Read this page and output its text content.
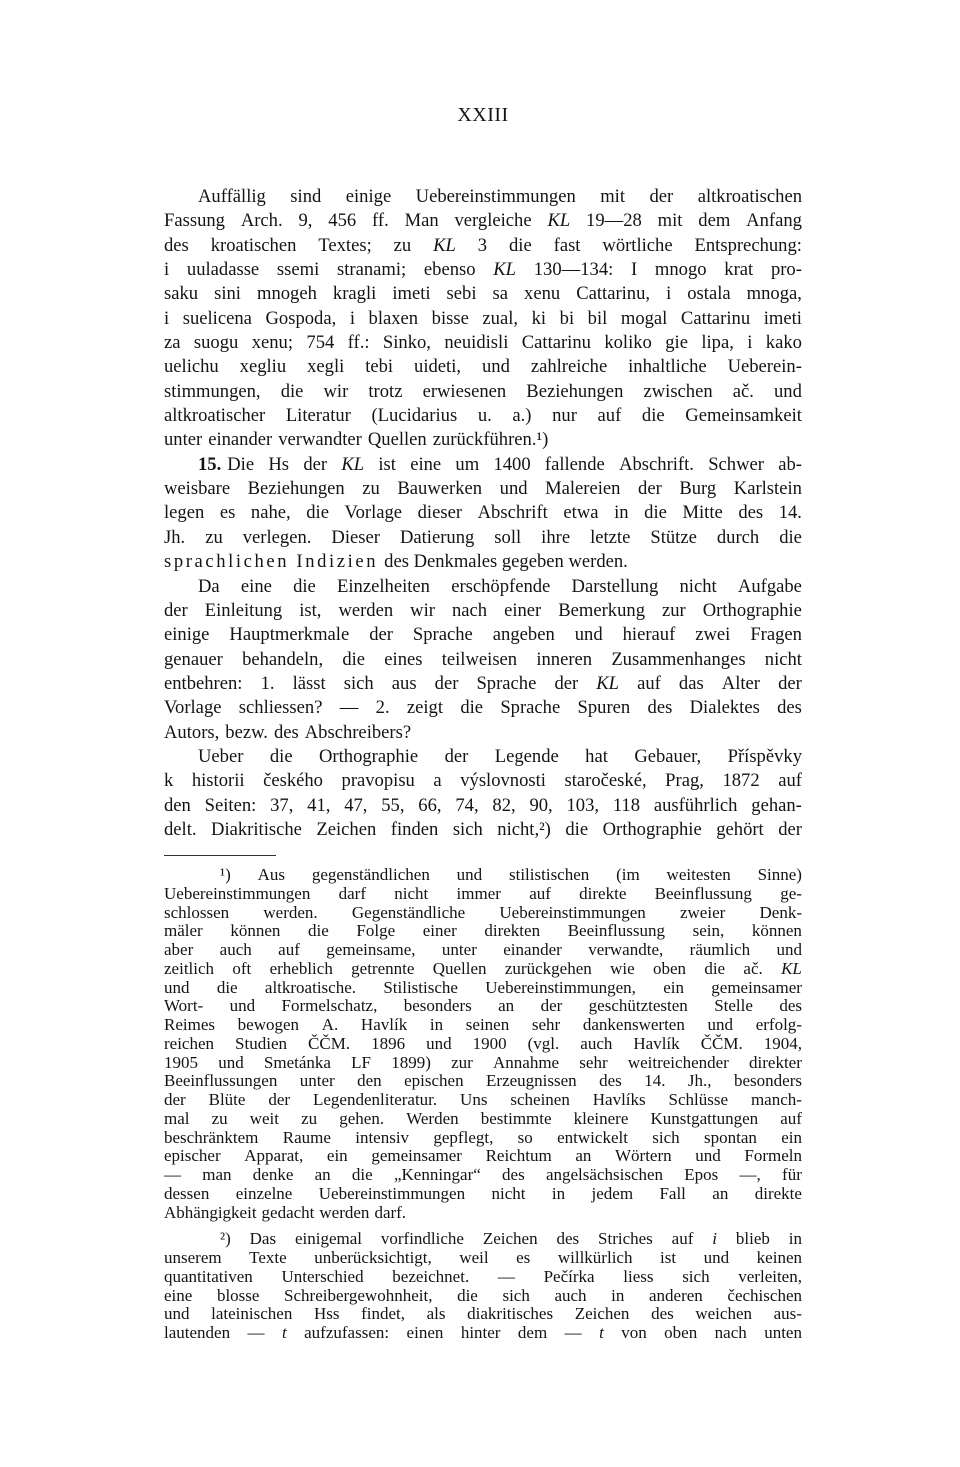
XXIII
Auffällig sind einige Uebereinstimmungen mit der altkroatischen
Fassung Arch. 9, 456 ff. Man vergleiche KL 19—28 mit dem Anfang
des kroatischen Textes; zu KL 3 die fast wörtliche Entsprechung:
i uuladasse ssemi stranami; ebenso KL 130—134: I mnogo krat pro-
saku sini mnogeh kragli imeti sebi sa xenu Cattarinu, i ostala mnoga,
i suelicena Gospoda, i blaxen bisse zual, ki bi bil mogal Cattarinu imeti
za suogu xenu; 754 ff.: Sinko, neuidisli Cattarinu koliko gie lipa, i kako
uelichu xegliu xegli tebi uideti, und zahlreiche inhaltliche Ueberein-
stimmungen, die wir trotz erwiesenen Beziehungen zwischen ač. und
altkroatischer Literatur (Lucidarius u. a.) nur auf die Gemeinsamkeit
unter einander verwandter Quellen zurückführen.¹)
15. Die Hs der KL ist eine um 1400 fallende Abschrift. Schwer ab-
weisbare Beziehungen zu Bauwerken und Malereien der Burg Karlstein
legen es nahe, die Vorlage dieser Abschrift etwa in die Mitte des 14.
Jh. zu verlegen. Dieser Datierung soll ihre letzte Stütze durch die
sprachlichen Indizien des Denkmales gegeben werden.
Da eine die Einzelheiten erschöpfende Darstellung nicht Aufgabe
der Einleitung ist, werden wir nach einer Bemerkung zur Orthographie
einige Hauptmerkmale der Sprache angeben und hierauf zwei Fragen
genauer behandeln, die eines teilweisen inneren Zusammenhanges nicht
entbehren: 1. lässt sich aus der Sprache der KL auf das Alter der
Vorlage schliessen? — 2. zeigt die Sprache Spuren des Dialektes des
Autors, bezw. des Abschreibers?
Ueber die Orthographie der Legende hat Gebauer, Příspěvky
k historii českého pravopisu a výslovnosti staročeské, Prag, 1872 auf
den Seiten: 37, 41, 47, 55, 66, 74, 82, 90, 103, 118 ausführlich gehan-
delt. Diakritische Zeichen finden sich nicht,²) die Orthographie gehört der
¹) Aus gegenständlichen und stilistischen (im weitesten Sinne)
Uebereinstimmungen darf nicht immer auf direkte Beeinflussung ge-
schlossen werden. Gegenständliche Uebereinstimmungen zweier Denk-
mäler können die Folge einer direkten Beeinflussung sein, können
aber auch auf gemeinsame, unter einander verwandte, räumlich und
zeitlich oft erheblich getrennte Quellen zurückgehen wie oben die ač. KL
und die altkroatische. Stilistische Uebereinstimmungen, ein gemeinsamer
Wort- und Formelschatz, besonders an der geschütztesten Stelle des
Reimes bewogen A. Havlík in seinen sehr dankenswerten und erfolg-
reichen Studien ČČM. 1896 und 1900 (vgl. auch Havlík ČČM. 1904,
1905 und Smetánka LF 1899) zur Annahme sehr weitreichender direkter
Beeinflussungen unter den epischen Erzeugnissen des 14. Jh., besonders
der Blüte der Legendenliteratur. Uns scheinen Havlíks Schlüsse manch-
mal zu weit zu gehen. Werden bestimmte kleinere Kunstgattungen auf
beschränktem Raume intensiv gepflegt, so entwickelt sich spontan ein
epischer Apparat, ein gemeinsamer Reichtum an Wörtern und Formeln
— man denke an die „Kenningar“ des angelsächsischen Epos —, für
dessen einzelne Uebereinstimmungen nicht in jedem Fall an direkte
Abhängigkeit gedacht werden darf.
²) Das einigemal vorfindliche Zeichen des Striches auf i blieb in
unserem Texte unberücksichtigt, weil es willkürlich ist und keinen
quantitativen Unterschied bezeichnet. — Pečírka liess sich verleiten,
eine blosse Schreibergewohnheit, die sich auch in anderen čechischen
und lateinischen Hss findet, als diakritisches Zeichen des weichen aus-
lautenden — t aufzufassen: einen hinter dem — t von oben nach unten
